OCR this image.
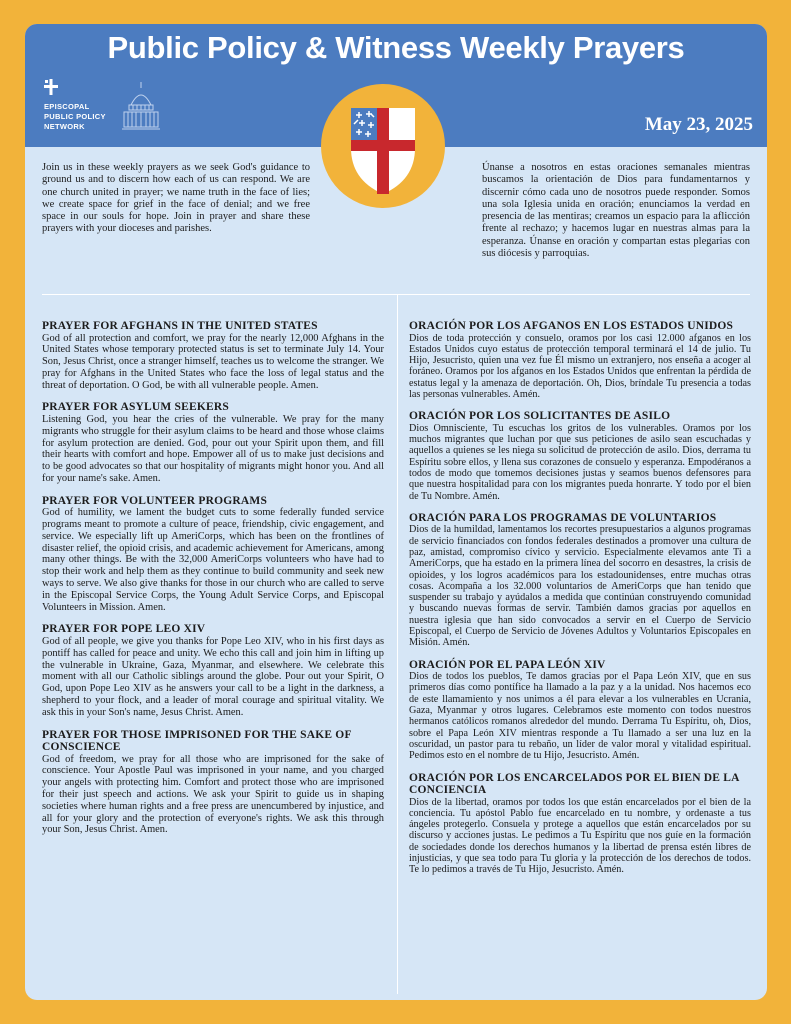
Public Policy & Witness Weekly Prayers
EPISCOPAL
PUBLIC POLICY
NETWORK	May 23, 2025
Join us in these weekly prayers as we seek God's guidance to ground us and to discern how each of us can respond. We are one church united in prayer; we name truth in the face of lies; we create space for grief in the face of denial; and we free space in our souls for hope. Join in prayer and share these prayers with your dioceses and parishes.
Únanse a nosotros en estas oraciones semanales mientras buscamos la orientación de Dios para fundamentarnos y discernir cómo cada uno de nosotros puede responder. Somos una sola Iglesia unida en oración; enunciamos la verdad en presencia de las mentiras; creamos un espacio para la aflicción frente al rechazo; y hacemos lugar en nuestras almas para la esperanza. Únanse en oración y compartan estas plegarias con sus diócesis y parroquias.
PRAYER FOR AFGHANS IN THE UNITED STATES

God of all protection and comfort, we pray for the nearly 12,000 Afghans in the United States whose temporary protected status is set to terminate July 14. Your Son, Jesus Christ, once a stranger himself, teaches us to welcome the stranger. We pray for Afghans in the United States who face the loss of legal status and the threat of deportation. O God, be with all vulnerable people. Amen.

PRAYER FOR ASYLUM SEEKERS

Listening God, you hear the cries of the vulnerable. We pray for the many migrants who struggle for their asylum claims to be heard and those whose claims for asylum protection are denied. God, pour out your Spirit upon them, and fill their hearts with comfort and hope. Empower all of us to make just decisions and to be good advocates so that our hospitality of migrants might honor you. And all for your name's sake. Amen.

PRAYER FOR VOLUNTEER PROGRAMS

God of humility, we lament the budget cuts to some federally funded service programs meant to promote a culture of peace, friendship, civic engagement, and service. We especially lift up AmeriCorps, which has been on the frontlines of disaster relief, the opioid crisis, and academic achievement for Americans, among many other things. Be with the 32,000 AmeriCorps volunteers who have had to stop their work and help them as they continue to build community and seek new ways to serve. We also give thanks for those in our church who are called to serve in the Episcopal Service Corps, the Young Adult Service Corps, and Episcopal Volunteers in Mission. Amen.

PRAYER FOR POPE LEO XIV

God of all people, we give you thanks for Pope Leo XIV, who in his first days as pontiff has called for peace and unity. We echo this call and join him in lifting up the vulnerable in Ukraine, Gaza, Myanmar, and elsewhere. We celebrate this moment with all our Catholic siblings around the globe. Pour out your Spirit, O God, upon Pope Leo XIV as he answers your call to be a light in the darkness, a shepherd to your flock, and a leader of moral courage and spiritual vitality. We ask this in your Son's name, Jesus Christ. Amen.

PRAYER FOR THOSE IMPRISONED FOR THE SAKE OF CONSCIENCE

God of freedom, we pray for all those who are imprisoned for the sake of conscience. Your Apostle Paul was imprisoned in your name, and you charged your angels with protecting him. Comfort and protect those who are imprisoned for their just speech and actions. We ask your Spirit to guide us in shaping societies where human rights and a free press are unencumbered by injustice, and all for your glory and the protection of everyone's rights. We ask this through your Son, Jesus Christ. Amen.

ORACIÓN POR LOS AFGANOS EN LOS ESTADOS UNIDOS

Dios de toda protección y consuelo, oramos por los casi 12.000 afganos en los Estados Unidos cuyo estatus de protección temporal terminará el 14 de julio. Tu Hijo, Jesucristo, quien una vez fue Él mismo un extranjero, nos enseña a acoger al foráneo. Oramos por los afganos en los Estados Unidos que enfrentan la pérdida de estatus legal y la amenaza de deportación. Oh, Dios, bríndale Tu presencia a todas las personas vulnerables. Amén.

ORACIÓN POR LOS SOLICITANTES DE ASILO

Dios Omnisciente, Tu escuchas los gritos de los vulnerables. Oramos por los muchos migrantes que luchan por que sus peticiones de asilo sean escuchadas y aquellos a quienes se les niega su solicitud de protección de asilo. Dios, derrama tu Espíritu sobre ellos, y llena sus corazones de consuelo y esperanza. Empodéranos a todos de modo que tomemos decisiones justas y seamos buenos defensores para que nuestra hospitalidad para con los migrantes pueda honrarte. Y todo por el bien de Tu Nombre. Amén.

ORACIÓN PARA LOS PROGRAMAS DE VOLUNTARIOS

Dios de la humildad, lamentamos los recortes presupuestarios a algunos programas de servicio financiados con fondos federales destinados a promover una cultura de paz, amistad, compromiso cívico y servicio. Especialmente elevamos ante Ti a AmeriCorps, que ha estado en la primera línea del socorro en desastres, la crisis de opioides, y los logros académicos para los estadounidenses, entre muchas otras cosas. Acompaña a los 32.000 voluntarios de AmeriCorps que han tenido que suspender su trabajo y ayúdalos a medida que continúan construyendo comunidad y buscando nuevas formas de servir. También damos gracias por aquellos en nuestra iglesia que han sido convocados a servir en el Cuerpo de Servicio Episcopal, el Cuerpo de Servicio de Jóvenes Adultos y Voluntarios Episcopales en Misión. Amén.

ORACIÓN POR EL PAPA LEÓN XIV

Dios de todos los pueblos, Te damos gracias por el Papa León XIV, que en sus primeros días como pontífice ha llamado a la paz y a la unidad. Nos hacemos eco de este llamamiento y nos unimos a él para elevar a los vulnerables en Ucrania, Gaza, Myanmar y otros lugares. Celebramos este momento con todos nuestros hermanos católicos romanos alrededor del mundo. Derrama Tu Espíritu, oh, Dios, sobre el Papa León XIV mientras responde a Tu llamado a ser una luz en la oscuridad, un pastor para tu rebaño, un líder de valor moral y vitalidad espiritual. Pedimos esto en el nombre de tu Hijo, Jesucristo. Amén.

ORACIÓN POR LOS ENCARCELADOS POR EL BIEN DE LA CONCIENCIA

Dios de la libertad, oramos por todos los que están encarcelados por el bien de la conciencia. Tu apóstol Pablo fue encarcelado en tu nombre, y ordenaste a tus ángeles protegerlo. Consuela y protege a aquellos que están encarcelados por su discurso y acciones justas. Le pedimos a Tu Espíritu que nos guíe en la formación de sociedades donde los derechos humanos y la libertad de prensa estén libres de injusticias, y que sea todo para Tu gloria y la protección de los derechos de todos. Te lo pedimos a través de Tu Hijo, Jesucristo. Amén.
